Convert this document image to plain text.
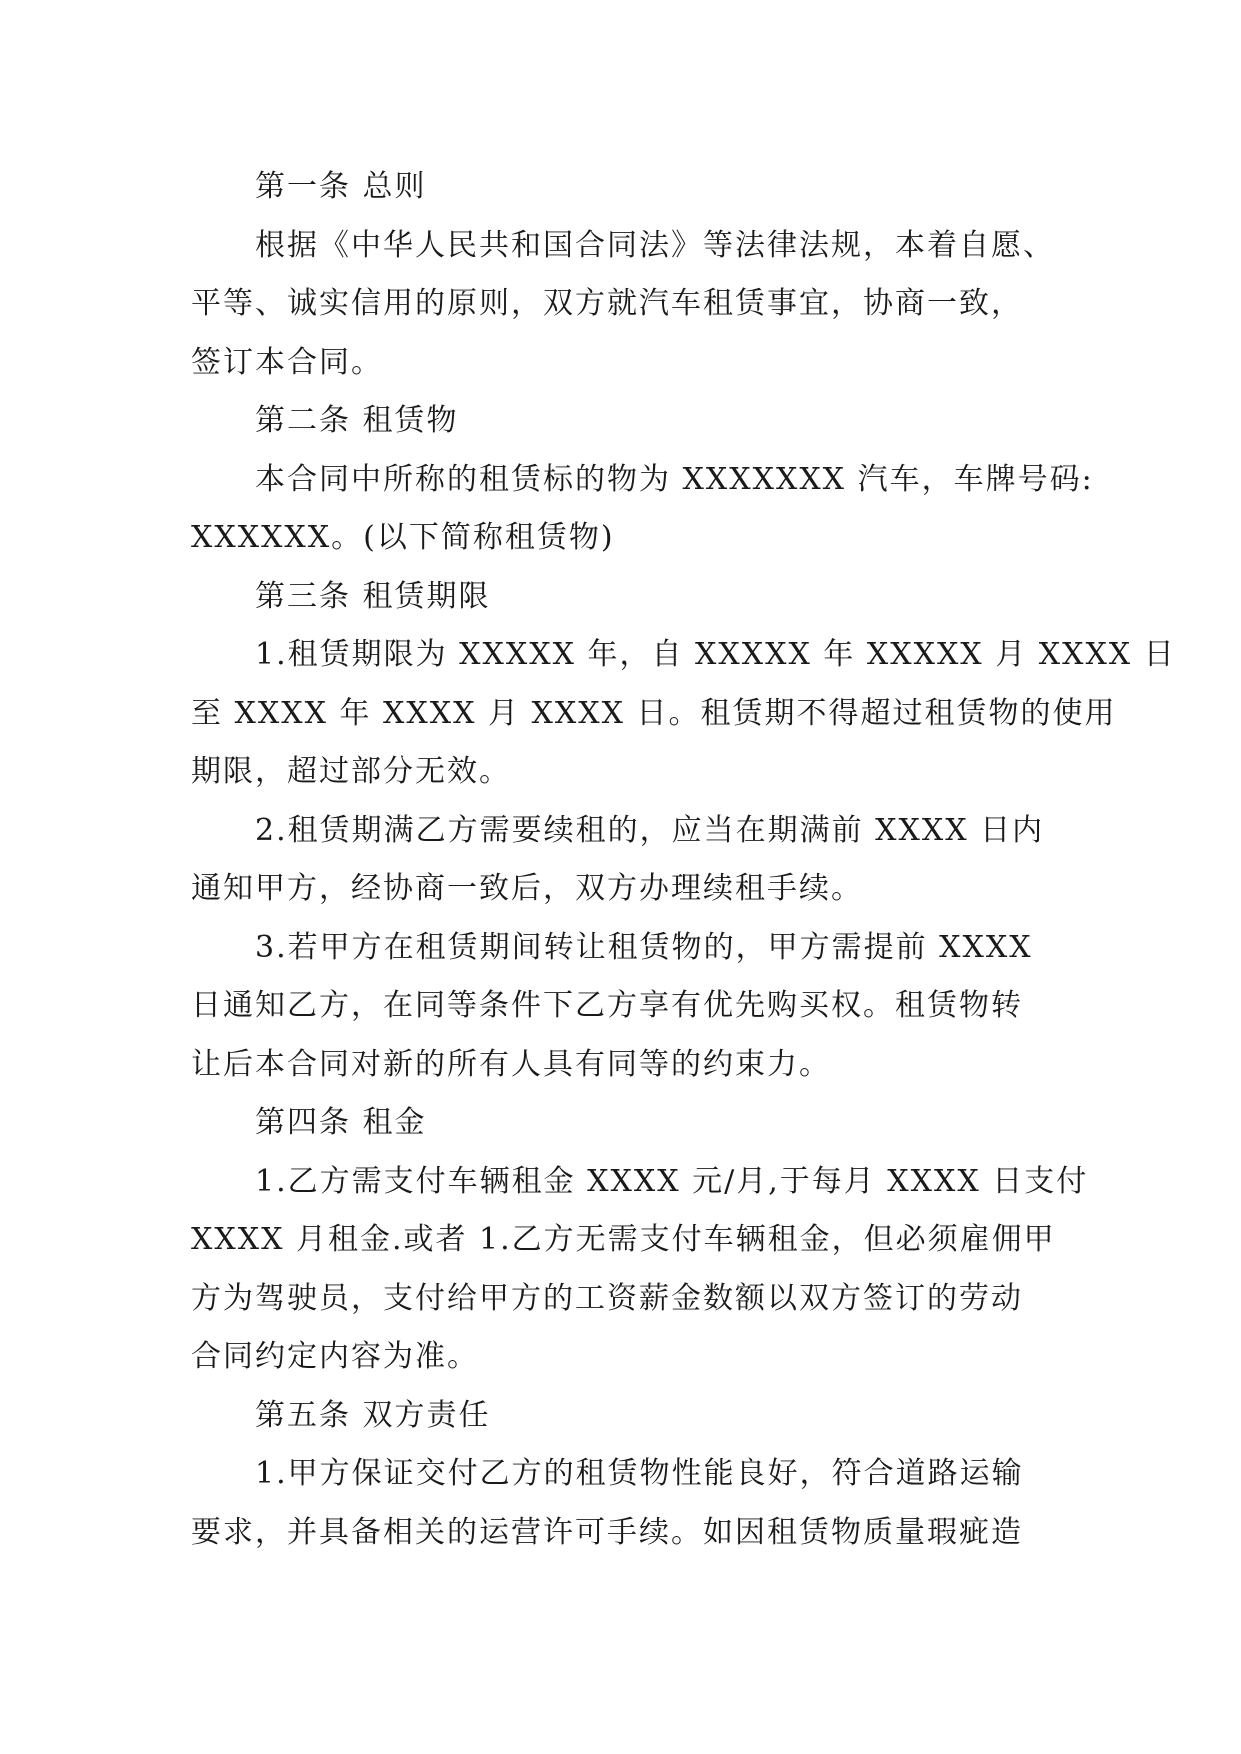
第一条 总则
根据《中华人民共和国合同法》等法律法规，本着自愿、
平等、诚实信用的原则，双方就汽车租赁事宜，协商一致，
签订本合同。
第二条 租赁物
本合同中所称的租赁标的物为 XXXXXXX 汽车，车牌号码:
XXXXXX。(以下简称租赁物)
第三条 租赁期限
1.租赁期限为 XXXXX 年，自 XXXXX 年 XXXXX 月 XXXX 日
至 XXXX 年 XXXX 月 XXXX 日。租赁期不得超过租赁物的使用
期限，超过部分无效。
2.租赁期满乙方需要续租的，应当在期满前 XXXX 日内
通知甲方，经协商一致后，双方办理续租手续。
3.若甲方在租赁期间转让租赁物的，甲方需提前 XXXX
日通知乙方，在同等条件下乙方享有优先购买权。租赁物转
让后本合同对新的所有人具有同等的约束力。
第四条 租金
1.乙方需支付车辆租金 XXXX 元/月,于每月 XXXX 日支付
XXXX 月租金.或者 1.乙方无需支付车辆租金，但必须雇佣甲
方为驾驶员，支付给甲方的工资薪金数额以双方签订的劳动
合同约定内容为准。
第五条 双方责任
1.甲方保证交付乙方的租赁物性能良好，符合道路运输
要求，并具备相关的运营许可手续。如因租赁物质量瑕疵造
